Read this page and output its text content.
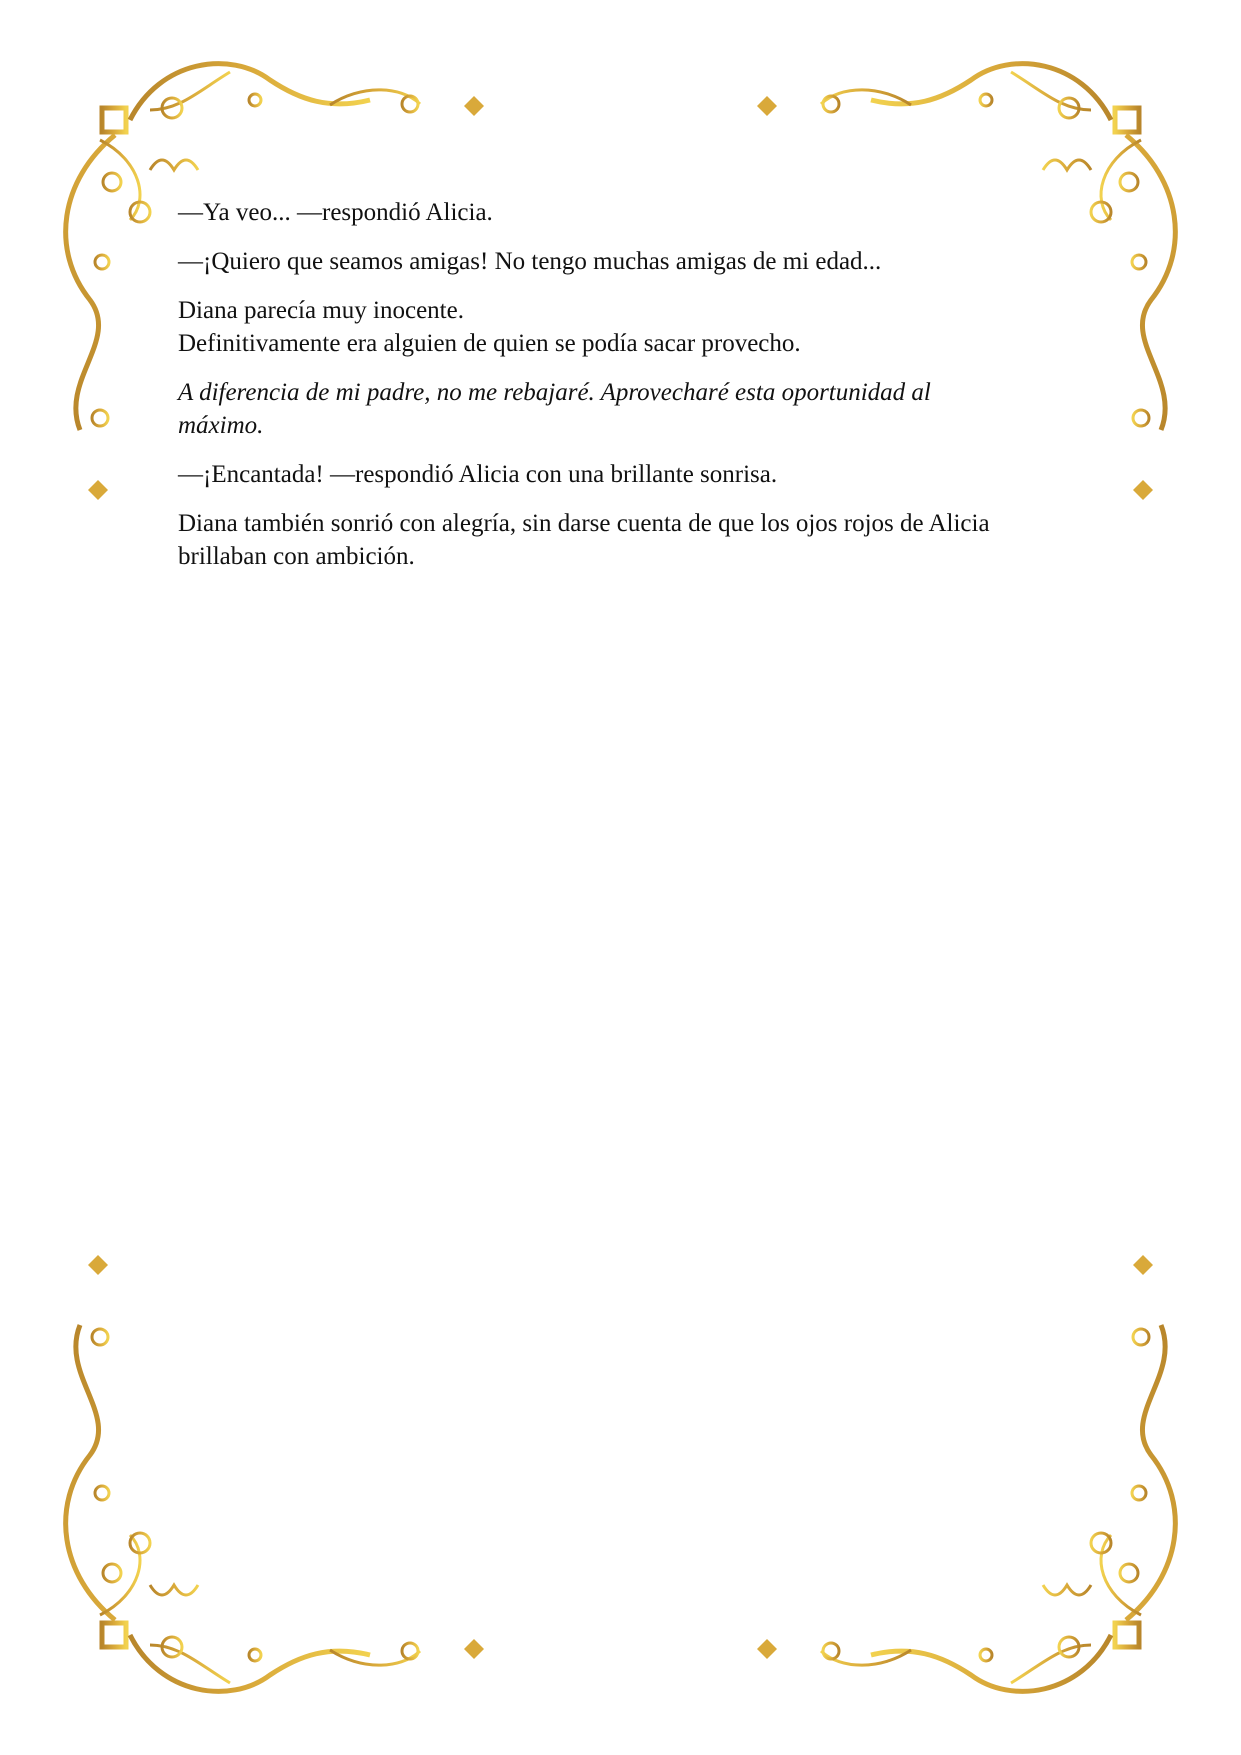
—Ya veo... —respondió Alicia.

—¡Quiero que seamos amigas! No tengo muchas amigas de mi edad...

Diana parecía muy inocente.
Definitivamente era alguien de quien se podía sacar provecho.

A diferencia de mi padre, no me rebajaré. Aprovecharé esta oportunidad al
máximo.

—¡Encantada! —respondió Alicia con una brillante sonrisa.

Diana también sonrió con alegría, sin darse cuenta de que los ojos rojos de Alicia
brillaban con ambición.
